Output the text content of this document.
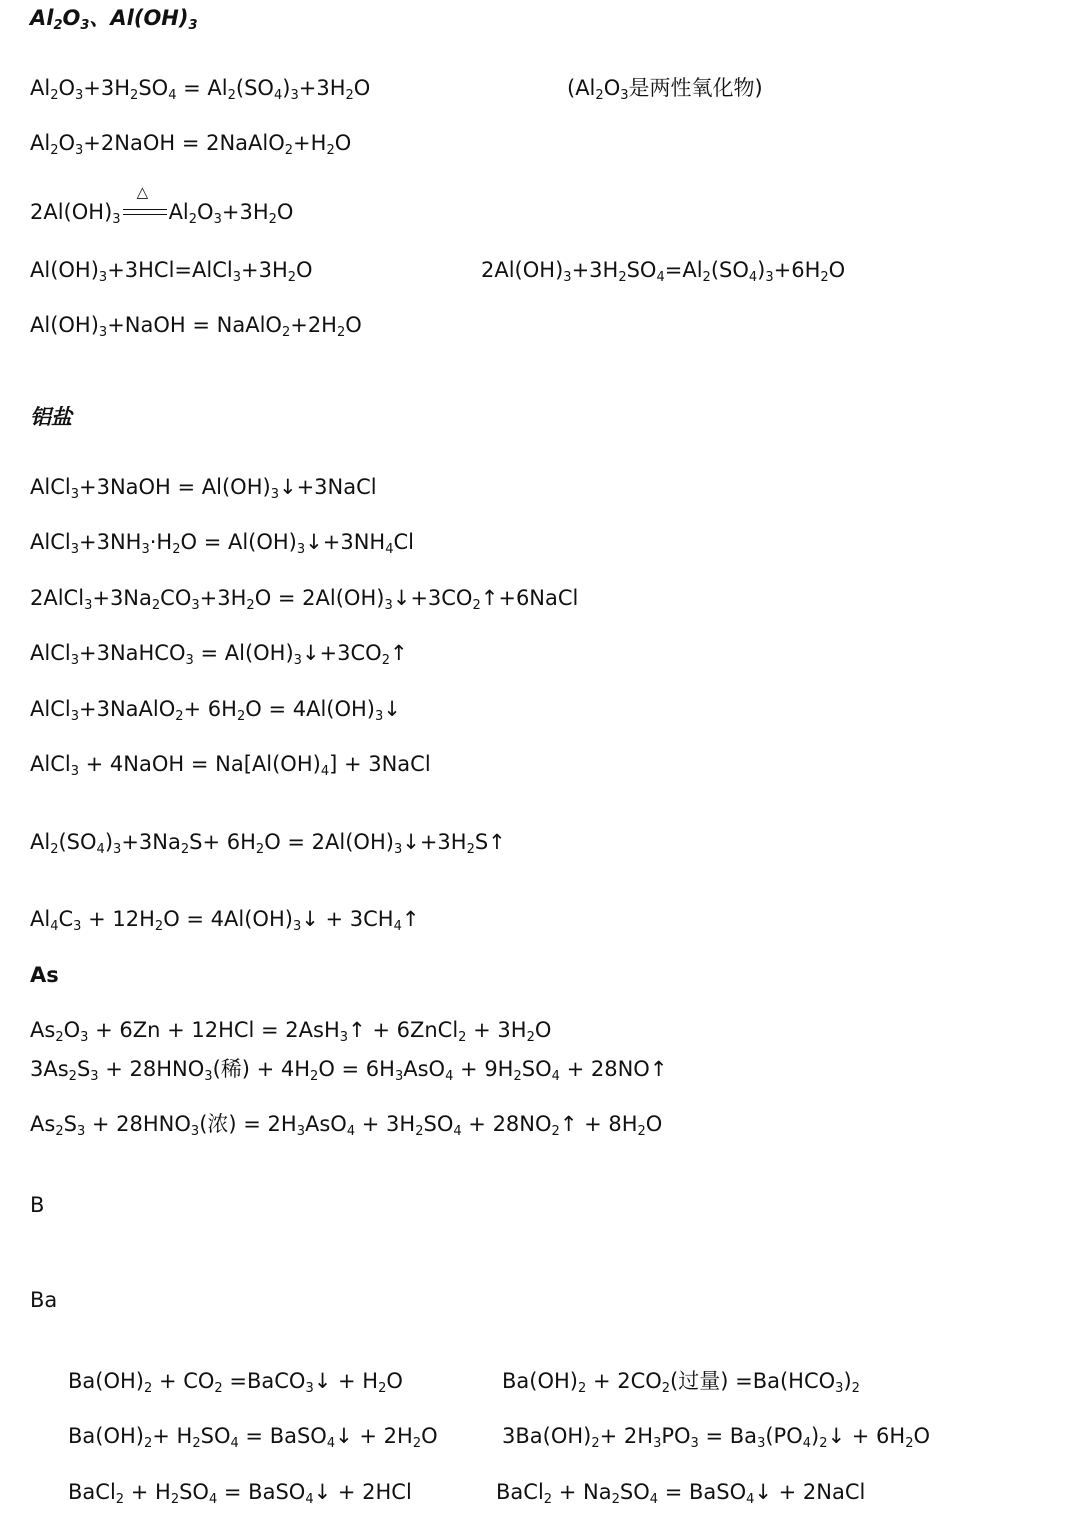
$Al_2O_3$、$Al(OH)_3$
$Al_2O_3+3H_2SO_4 = Al_2(SO_4)_3+3H_2O$	($Al_2O_3$是两性氧化物)
$Al_2O_3+2NaOH$ = $2NaAlO_2+H_2O$
$2Al(OH)_3$
△
$Al_2O_3+3H_2O$
$Al(OH)_3+3HCl=AlCl_3+3H_2O$	$2Al(OH)_3+3H_2SO_4=Al_2(SO_4)_3+6H_2O$
$Al(OH)_3+NaOH$ = $NaAlO_2+2H_2O$
铝盐
AlCl$_3$+3NaOH = $Al(OH)_3↓+3NaCl$
$AlCl_3+3NH_3\cdot H_2O$ = $Al(OH)_3↓+3NH_4Cl$
$2AlCl_3+3Na_2CO_3+3H_2O$ = $2Al(OH)_3↓+3CO_2↑+6NaCl$
AlCl$_3$+3NaHCO$_3$ = $Al(OH)_3↓+3CO_2↑$
AlCl$_3$+3NaAlO$_2$+ $6H_2O$ = $4Al(OH)_3↓$
AlCl$_3$ + 4NaOH = $Na[Al(OH)_4]$ + 3NaCl
$Al_2(SO_4)_3+3Na_2S+ 6H_2O$ = $2Al(OH)_3↓+3H_2S↑$
$Al_4C_3 + 12H_2O$ = $4Al(OH)_3↓$ + $3CH_4↑$
As
$As_2O_3 + 6Zn + 12HCl$ = 2AsH$_3$↑ + 6ZnCl$_2$ + $3H_2O$
$3As_2S_3 + 28HNO_3$(稀) + $4H_2O = 6H_3AsO_4 + 9H_2SO_4$ + 28NO↑
$As_2S_3 + 28HNO_3$(浓) = $2H_3AsO_4 + 3H_2SO_4$ + $28NO_2↑ + 8H_2O$
B
Ba
$Ba(OH)_2 + CO_2$ =BaCO$_3$↓ + $H_2O$	$Ba(OH)_2 + 2CO_2$(过量) $=Ba(HCO_3)_2$
$Ba(OH)_2+ H_2SO_4$ = BaSO$_4$↓ + $2H_2O$	$3Ba(OH)_2+ 2H_3PO_3$ = $Ba_3(PO_4)_2↓ + 6H_2O$
BaCl$_2$ + $H_2SO_4$ = BaSO$_4$↓ + 2HCl	BaCl$_2$ + $Na_2SO_4$ = BaSO$_4$↓ + 2NaCl
